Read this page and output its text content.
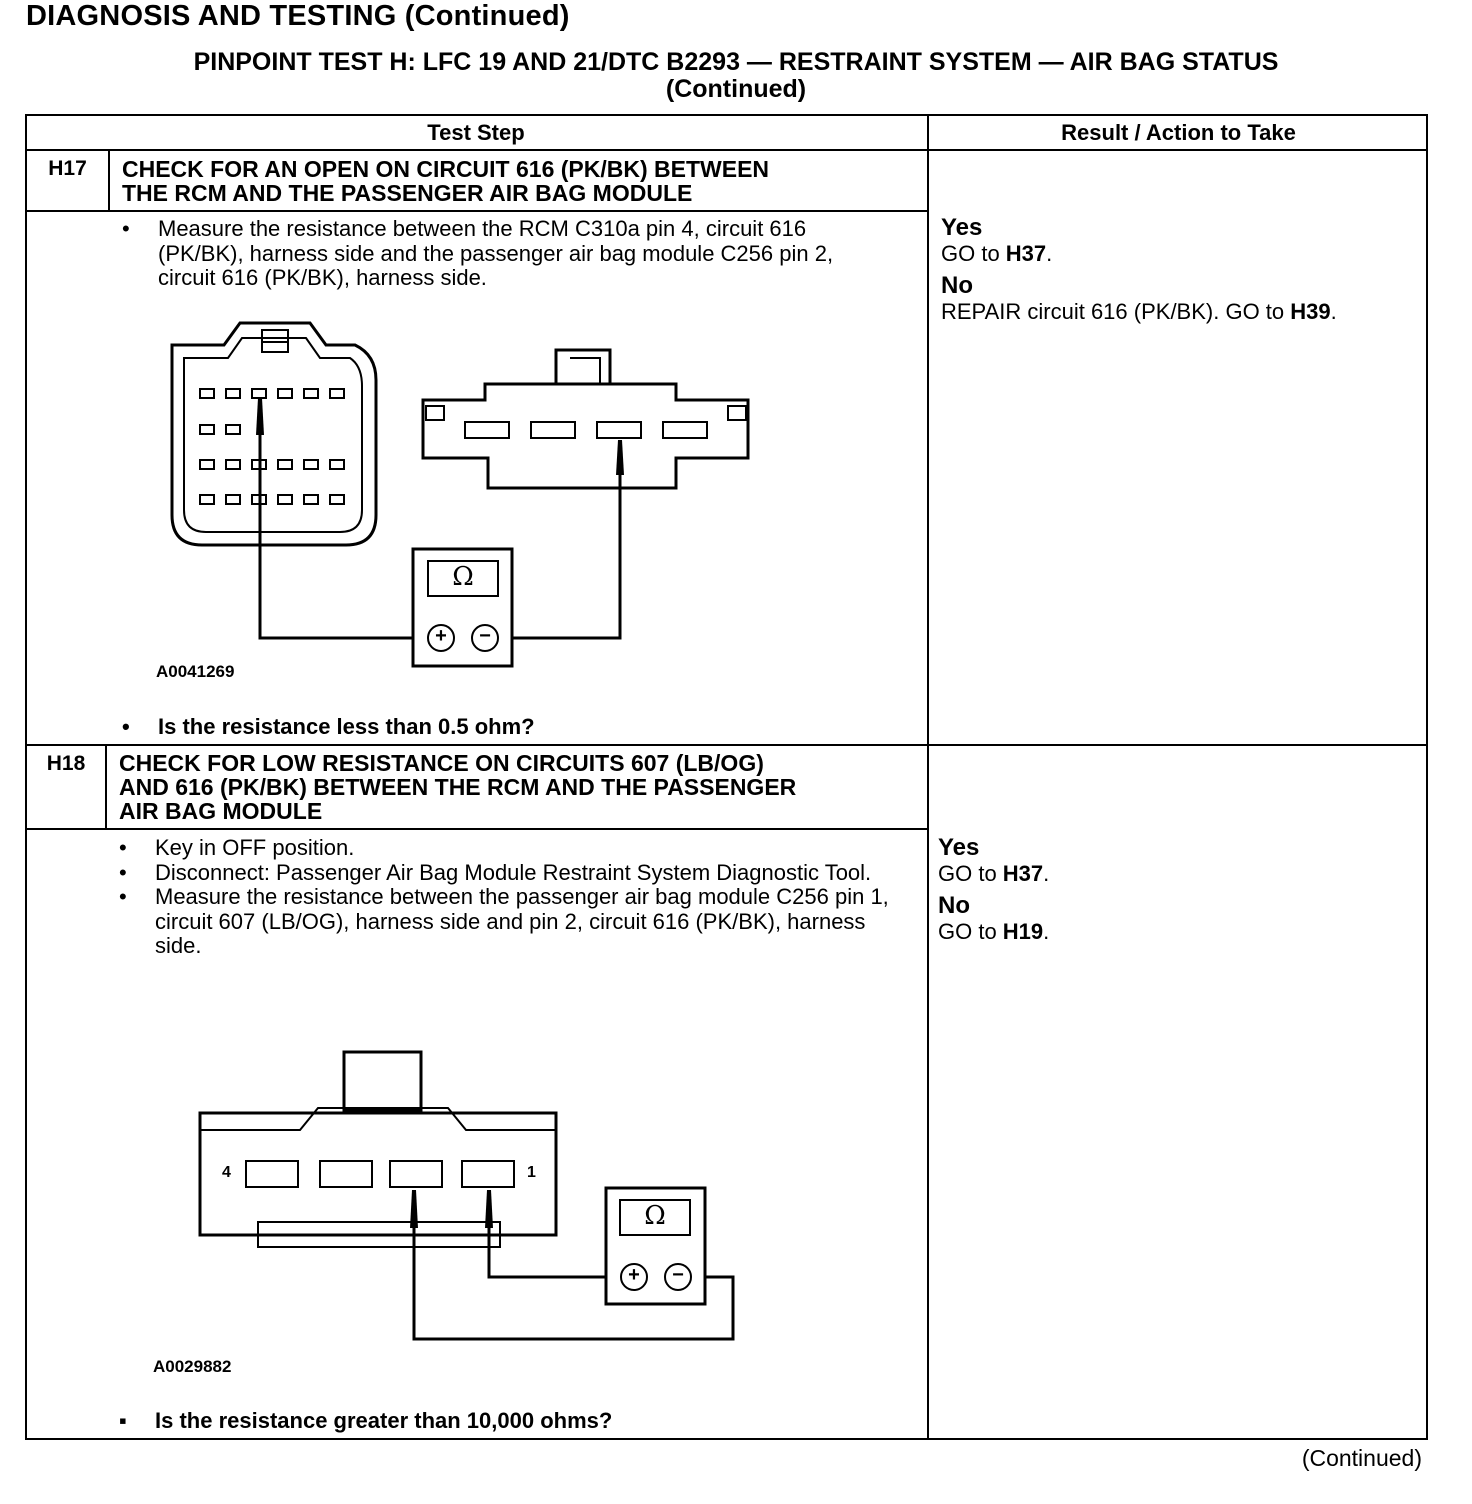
DIAGNOSIS AND TESTING (Continued)
PINPOINT TEST H: LFC 19 AND 21/DTC B2293 — RESTRAINT SYSTEM — AIR BAG STATUS
(Continued)
Test Step	Result / Action to Take
H17	CHECK FOR AN OPEN ON CIRCUIT 616 (PK/BK) BETWEEN
THE RCM AND THE PASSENGER AIR BAG MODULE
• Measure the resistance between the RCM C310a pin 4, circuit 616 (PK/BK), harness side and the passenger air bag module C256 pin 2, circuit 616 (PK/BK), harness side.
Ω
+ −
A0041269
• Is the resistance less than 0.5 ohm?
Yes
GO to H37.
No
REPAIR circuit 616 (PK/BK). GO to H39.
H18	CHECK FOR LOW RESISTANCE ON CIRCUITS 607 (LB/OG)
AND 616 (PK/BK) BETWEEN THE RCM AND THE PASSENGER
AIR BAG MODULE
• Key in OFF position.
• Disconnect: Passenger Air Bag Module Restraint System Diagnostic Tool.
• Measure the resistance between the passenger air bag module C256 pin 1, circuit 607 (LB/OG), harness side and pin 2, circuit 616 (PK/BK), harness side.
4	1
Ω
+ −
A0029882
▪ Is the resistance greater than 10,000 ohms?
Yes
GO to H37.
No
GO to H19.
(Continued)
